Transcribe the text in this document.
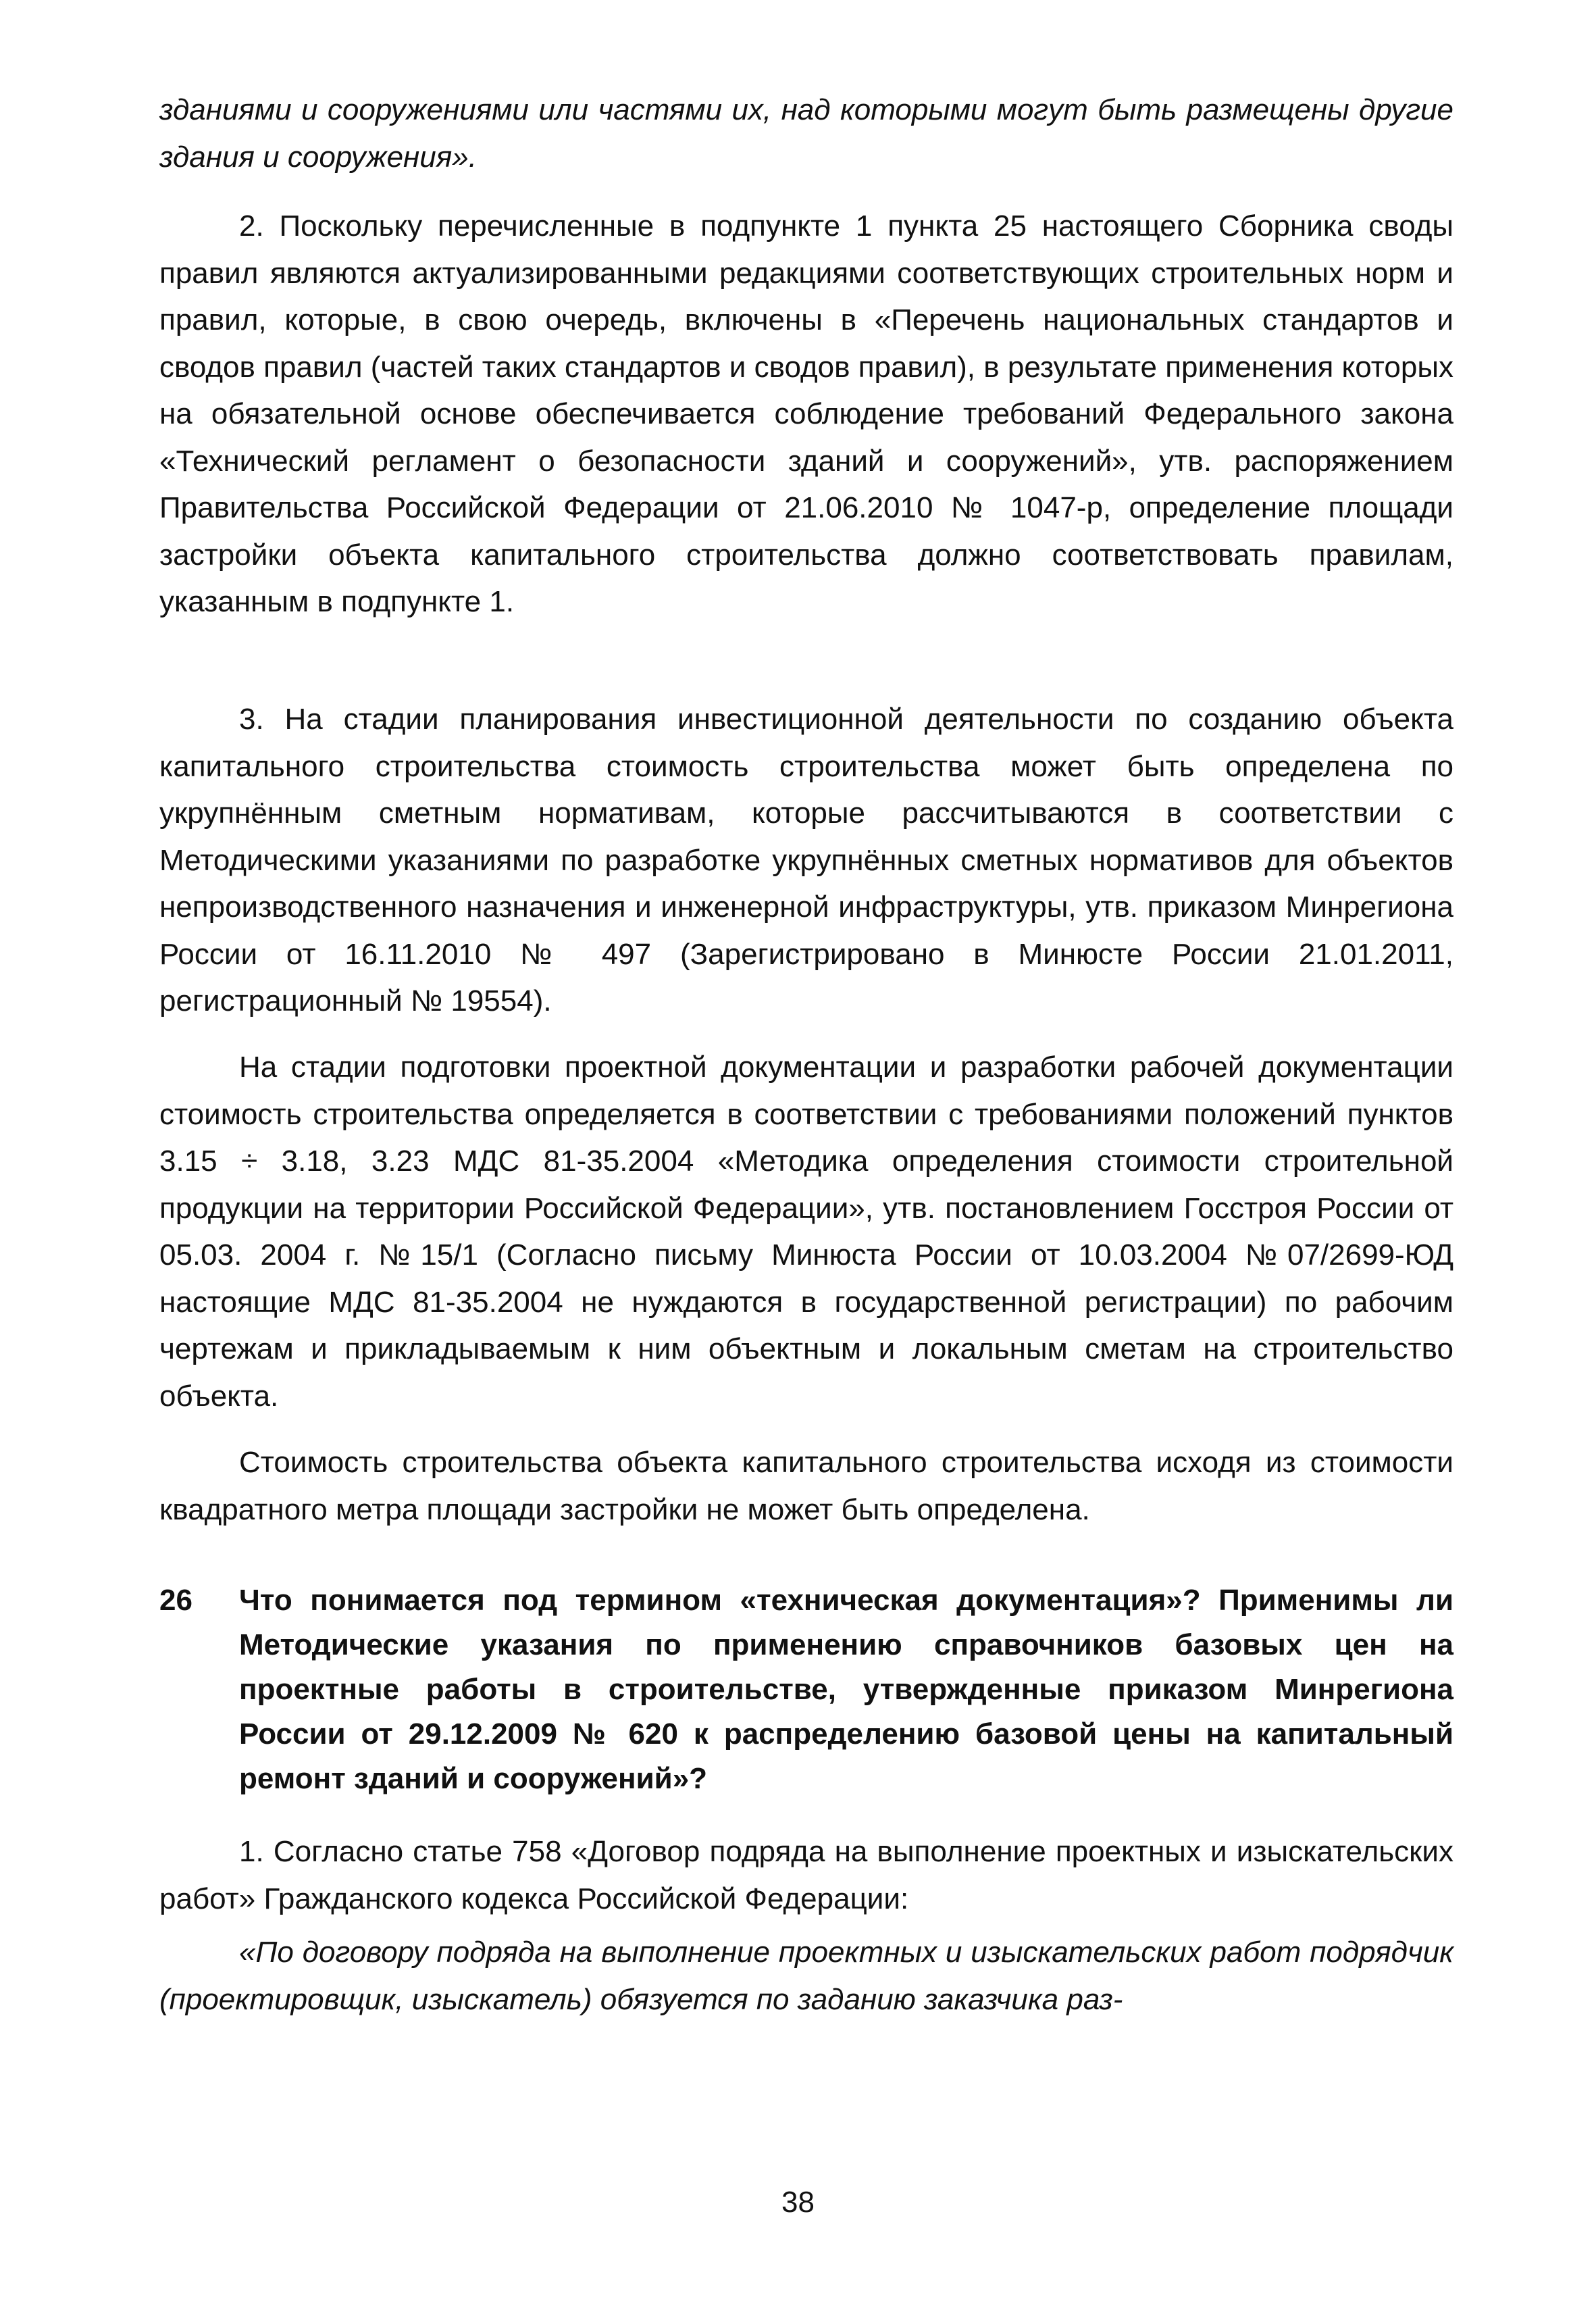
зданиями и сооружениями или частями их, над которыми могут быть размещены другие здания и сооружения».

2. Поскольку перечисленные в подпункте 1 пункта 25 настоящего Сборника своды правил являются актуализированными редакциями соответствующих строительных норм и правил, которые, в свою очередь, включены в «Перечень национальных стандартов и сводов правил (частей таких стандартов и сводов правил), в результате применения которых на обязательной основе обеспечивается соблюдение требований Федерального закона «Технический регламент о безопасности зданий и сооружений», утв. распоряжением Правительства Российской Федерации от 21.06.2010 № 1047-р, определение площади застройки объекта капитального строительства должно соответствовать правилам, указанным в подпункте 1.

3. На стадии планирования инвестиционной деятельности по созданию объекта капитального строительства стоимость строительства может быть определена по укрупнённым сметным нормативам, которые рассчитываются в соответствии с Методическими указаниями по разработке укрупнённых сметных нормативов для объектов непроизводственного назначения и инженерной инфраструктуры, утв. приказом Минрегиона России от 16.11.2010 № 497 (Зарегистрировано в Минюсте России 21.01.2011, регистрационный № 19554).

На стадии подготовки проектной документации и разработки рабочей документации стоимость строительства определяется в соответствии с требованиями положений пунктов 3.15 ÷ 3.18, 3.23 МДС 81-35.2004 «Методика определения стоимости строительной продукции на территории Российской Федерации», утв. постановлением Госстроя России от 05.03. 2004 г. №15/1 (Согласно письму Минюста России от 10.03.2004 №07/2699-ЮД настоящие МДС 81-35.2004 не нуждаются в государственной регистрации) по рабочим чертежам и прикладываемым к ним объектным и локальным сметам на строительство объекта.

Стоимость строительства объекта капитального строительства исходя из стоимости квадратного метра площади застройки не может быть определена.

26	Что понимается под термином «техническая документация»? Применимы ли Методические указания по применению справочников базовых цен на проектные работы в строительстве, утвержденные приказом Минрегиона России от 29.12.2009 № 620 к распределению базовой цены на капитальный ремонт зданий и сооружений»?

1. Согласно статье 758 «Договор подряда на выполнение проектных и изыскательских работ» Гражданского кодекса Российской Федерации:

«По договору подряда на выполнение проектных и изыскательских работ подрядчик (проектировщик, изыскатель) обязуется по заданию заказчика раз-

38
